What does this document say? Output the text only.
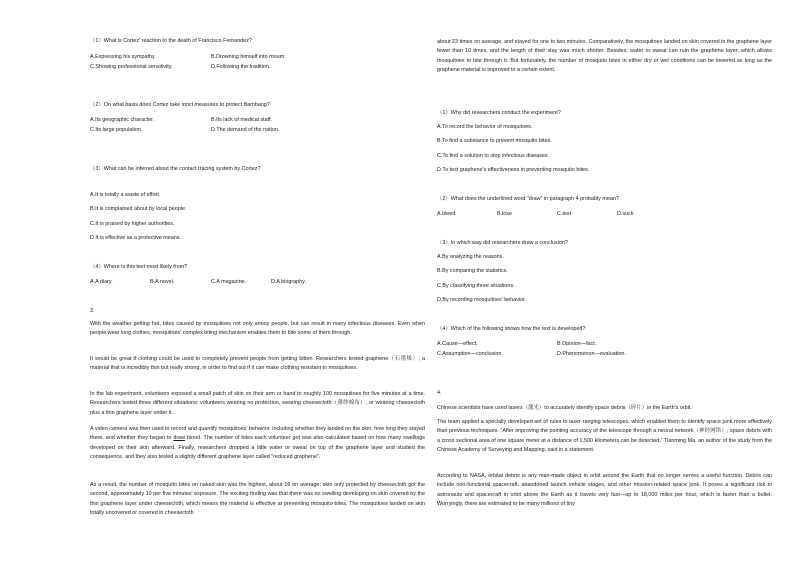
（1）What is Cortez' reaction to the death of Francisco Fernandez?
A.Expressing his sympathy.	B.Drowning himself into mourn.
C.Showing professional sensitivity.	D.Following the tradition.
（2）On what basis does Cortez take strict measures to protect Bambang?
A.Its geographic character.	B.Its lack of medical staff.
C.Its large population.	D.The demand of the nation.
（3）What can be inferred about the contact tracing system by Cortez?
A.It is totally a waste of effort.
B.It is complained about by local people.
C.It is praised by higher authorities.
D.It is effective as a protective means.
（4）Where is this text most likely from?
A.A diary.	B.A novel.	C.A magazine.	D.A biography.
3.
With the weather getting hot, bites caused by mosquitoes not only annoy people, but can result in many infectious diseases. Even when people wear long clothes, mosquitoes' complex biting mechanism enables them to bite some of them through.
It would be great if clothing could be used to completely prevent people from getting bitten. Researchers tested graphene（石墨烯）, a material that is incredibly thin but really strong, in order to find out if it can make clothing resistant to mosquitoes.
In the lab experiment, volunteers exposed a small patch of skin on their arm or hand to roughly 100 mosquitoes for five minutes at a time. Researchers tested three different situations: volunteers wearing no protection, wearing cheesecloth（薄纱棉布）, or wearing cheesecloth plus a thin graphene layer under it.
A video camera was then used to record and quantify mosquitoes' behavior, including whether they landed on the skin, how long they stayed there, and whether they began to draw blood. The number of bites each volunteer got was also calculated based on how many swellings developed on their skin afterward. Finally, researchers dropped a little water or sweat on top of the graphene layer and studied the consequence, and they also tested a slightly different graphene layer called "reduced graphene".
As a result, the number of mosquito bites on naked skin was the highest, about 16 on average; skin only protected by cheesecloth got the second, approximately 10 per five minutes' exposure. The exciting finding was that there was no swelling developing on skin covered by the thin graphene layer under cheesecloth, which means the material is effective at preventing mosquito bites. The mosquitoes landed on skin totally uncovered or covered in cheesecloth
about 23 times on average, and stayed for one to two minutes. Comparatively, the mosquitoes landed on skin covered in the graphene layer fewer than 10 times, and the length of their stay was much shorter. Besides, water or sweat can ruin the graphene layer, which allows mosquitoes to bite through it. But fortunately, the number of mosquito bites in either dry or wet conditions can be lowered as long as the graphene material is improved to a certain extent.
（1）Why did researchers conduct the experiment?
A.To record the behavior of mosquitoes.
B.To find a substance to prevent mosquito bites.
C.To find a solution to stop infectious diseases.
D.To test graphene's effectiveness in preventing mosquito bites.
（2）What does the underlined word "draw" in paragraph 4 probably mean?
A.bleed	B.lose	C.test	D.suck
（3）In which way did researchers draw a conclusion?
A.By analyzing the reasons.
B.By comparing the statistics.
C.By classifying three situations.
D.By recording mosquitoes' behavior.
（4）Which of the following shows how the text is developed?
A.Cause—effect.	B.Opinion—fact.
C.Assumption—conclusion.	D.Phenomenon—evaluation.
4.
Chinese scientists have used lasers（激光）to accurately identify space debris（碎片）in the Earth's orbit.
The team applied a specially developed set of rules to laser-ranging telescopes, which enabled them to identify space junk more effectively than previous techniques. "After improving the pointing accuracy of the telescope through a neural network（神经网络）, space debris with a cross sectional area of one square meter at a distance of 1,500 kilometers can be detected," Tianming Ma, an author of the study from the Chinese Academy of Surveying and Mapping, said in a statement.
According to NASA, orbital debris is any man-made object in orbit around the Earth that no longer serves a useful function. Debris can include non-functional spacecraft, abandoned launch vehicle stages, and other mission-related space junk. It poses a significant risk to astronauts and spacecraft in orbit above the Earth as it travels very fast—up to 18,000 miles per hour, which is faster than a bullet. Worryingly, there are estimated to be many millions of tiny
